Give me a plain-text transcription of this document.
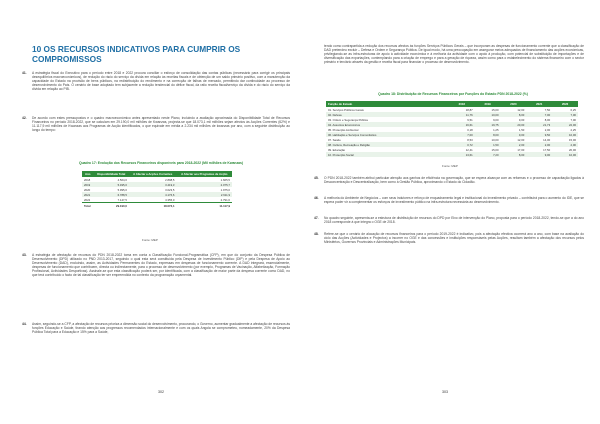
10 OS RECURSOS INDICATIVOS PARA CUMPRIR OS COMPROMISSOS
41. A estratégia fiscal do Executivo para o período entre 2018 e 2022 procura conciliar o esforço de consolidação das contas públicas (necessário para corrigir os principais desequilíbrios macroeconómicos), de redução do rácio do serviço da dívida em relação às receitas fiscais e de obtenção de um saldo primário positivo, com a manutenção da capacidade do Estado na provisão de bens públicos, na redistribuição do rendimento e na correcção de falhas de mercado, permitindo dar continuidade ao processo de desenvolvimento do País. O cenário de base adoptado tem subjacente a redução tendencial do défice fiscal, da ratio receita fiscal/serviço da dívida e do rácio do serviço da dívida em relação ao PIB.
42. De acordo com estes pressupostos e o quadro macroeconómico antes apresentado neste Plano, incluindo a avaliação aproximada do Disponibilidade Total de Recursos Financeiros no período 2018-2022, que se calculam em 29.190,0 mil milhões de Kwanzas, projecta-se que 18.073,1 mil milhões sejam afectos às Acções Correntes (62%) e 11.117,9 mil milhões de Kwanzas aos Programas de Acção identificados, o que equivale em média a 2.234 mil milhões de kwanzas por ano, com a seguinte distribuição ao longo do tempo:
Quadro 17: Evolução dos Recursos Financeiros disponíveis para 2018-2022 (Mil milhões de Kwanzas)
Ano	Disponibilidade Total	A Afectar a Acções Correntes	A Afectar aos Programas de Acção
2018	4.564,0	2.898,5	1.665,5
2019	5.495,0	3.419,3	2.075,7
2020	5.995,0	3.023,5	1.975,0
2021	6.788,5	4.176,6	2.611,9
2022	7.147,5	4.355,0	2.791,6
Total	29.190,0	18.072,1	11.117,9
Fonte: MEP
43. A estratégia de afectação de recursos do PDN 2018-2022 toma em conta a Classificação Funcional-Programática (CFP), em que do conjunto da Despesa Pública de Desenvolvimento (DPD) utilizado no PND 2013-2017, seguindo o qual esta será constituída pela Despesa de Investimento Público (DIP) e pela Despesa de Apoio ao Desenvolvimento (DAD), excluindo, assim, as Actividades Permanentes do Estado, expressas em despesas de funcionamento corrente. A DAD integrará, essencialmente, despesas de funcionamento que contribuem, directa ou indirectamente, para o processo de desenvolvimento (por exemplo, Programas de Vacinação, Alfabetização, Formação Profissional, Actividades Desportivas). Assinale-se que esta classificação poderá ser, por identificada, com a classificação de maior parte da despesa corrente como DAD, no que terá contribuído o facto de tal classificação ter ser empreendida no contexto da programação orçamental.
44. Assim, seguindo-se a CFP, a afectação de recursos prioriza a dimensão social do desenvolvimento, procurando, o Governo, aumentar gradualmente a afectação de recursos às funções Educação e Saúde, tirando atenção aos progressos recomendados internacionalmente e com os quais Angola se comprometeu, nomeadamente, 20% da Despesa Pública Total para a Educação e 15% para a Saúde,
302
tendo como contrapartida a redução dos recursos afectos às funções Serviços Públicos Gerais – que incorporam as despesas de funcionamento corrente que a classificação de DAD pretendeu excluir – Defesa e Ordem e Segurança Pública. De igual modo, há uma preocupação em assegurar meios adequados de financiamento das acções económicas, privilegiando-se as infra-estruturas de apoio à actividade económica e à melhoria da actividade com o apoio à produção, com potencial de substituição de importações e de diversificação das exportações, contemplando para a criação de emprego e para a geração de riqueza, assim como para o estabelecimento do sistema financeiro com o sector primário e terciário através da gestão e receita fiscal para financiar o processo de desenvolvimento.
Quadro 18: Distribuição de Recursos Financeiros por Funções do Estado PDN 2018-2022 (%)
Função do Estado	2018	2019	2020	2021	2022
01. Serviços Públicos Gerais	18,87	15,00	12,00	7,50	6,25
02. Defesa	11,76	10,00	8,00	7,00	7,00
03. Ordem e Segurança Pública	9,51	9,00	9,00	8,00	7,00
04. Assuntos Económicos	16,61	19,75	20,00	21,73	22,00
05. Protecção Ambiental	0,18	1,25	1,50	2,00	2,25
06. Habitação e Serviços Comunitários	7,00	8,00	9,00	9,50	10,00
07. Saúde	8,53	10,00	12,00	14,00	15,00
08. Cultura, Recreação e Religião	0,72	1,50	2,00	2,00	2,00
09. Educação	12,41	15,00	17,00	17,50	20,00
10. Protecção Social	13,61	7,20	8,00	9,00	10,00
Fonte: MEP
45. O PDN 2018-2022 também atribui particular atenção aos ganhos de eficiência na governação, que se espera alcançar com as reformas e o processo de capacitação ligados à Desconcentração e Descentralização, bem como à Gestão Pública, aproximando o Estado do Cidadão.
46. A melhoria do Ambiente de Negócios – com seus indutores e reforço de enquadramento legal e institucional do investimento privado – contribuirá para o aumento do IDE, que se espera poder vir a complementar os esforços de investimento público na infra-estrutura necessária ao desenvolvimento.
47. No quadro seguinte, apresenta-se a estrutura de distribuição de recursos do DPD por Eixo de intervenção do Plano, proposta para o período 2018-2022, tendo-se que a do ano 2018 corresponde à que integra o OGE de 2018.
48. Refere-se que o cenário de alocação de recursos financeiros para o período 2019-2022 é indicativo, pois a afectação efectiva ocorrerá ano a ano, com base na avaliação do ciclo das Acções (Actividades e Projectos) a incorrer no OGE e das concessões e instituições responsáveis pelas Acções, resultam também a afectação dos recursos pelos Ministérios, Governos Provinciais e Administrações Municipais.
303
